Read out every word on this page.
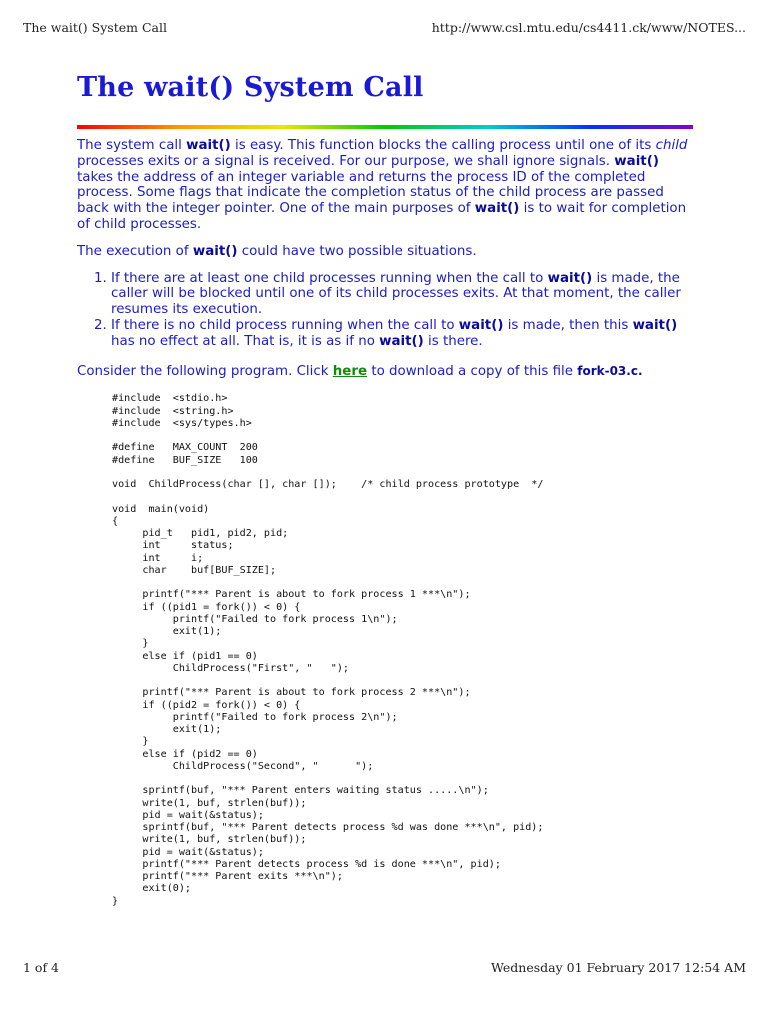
The wait() System Call	http://www.csl.mtu.edu/cs4411.ck/www/NOTES...
The wait() System Call

The system call wait() is easy. This function blocks the calling process until one of its child processes exits or a signal is received. For our purpose, we shall ignore signals. wait() takes the address of an integer variable and returns the process ID of the completed process. Some flags that indicate the completion status of the child process are passed back with the integer pointer. One of the main purposes of wait() is to wait for completion of child processes.

The execution of wait() could have two possible situations.

1. If there are at least one child processes running when the call to wait() is made, the caller will be blocked until one of its child processes exits. At that moment, the caller resumes its execution.
2. If there is no child process running when the call to wait() is made, then this wait() has no effect at all. That is, it is as if no wait() is there.

Consider the following program. Click here to download a copy of this file fork-03.c.

#include  <stdio.h>
#include  <string.h>
#include  <sys/types.h>

#define   MAX_COUNT  200
#define   BUF_SIZE   100

void  ChildProcess(char [], char []);    /* child process prototype  */

void  main(void)
{
pid_t   pid1, pid2, pid;
int     status;
int     i;
char    buf[BUF_SIZE];

printf("*** Parent is about to fork process 1 ***\n");
if ((pid1 = fork()) < 0) {
printf("Failed to fork process 1\n");
exit(1);
}
else if (pid1 == 0)
ChildProcess("First", "   ");

printf("*** Parent is about to fork process 2 ***\n");
if ((pid2 = fork()) < 0) {
printf("Failed to fork process 2\n");
exit(1);
}
else if (pid2 == 0)
ChildProcess("Second", "      ");

sprintf(buf, "*** Parent enters waiting status .....\n");
write(1, buf, strlen(buf));
pid = wait(&status);
sprintf(buf, "*** Parent detects process %d was done ***\n", pid);
write(1, buf, strlen(buf));
pid = wait(&status);
printf("*** Parent detects process %d is done ***\n", pid);
printf("*** Parent exits ***\n");
exit(0);
}
1 of 4	Wednesday 01 February 2017 12:54 AM
